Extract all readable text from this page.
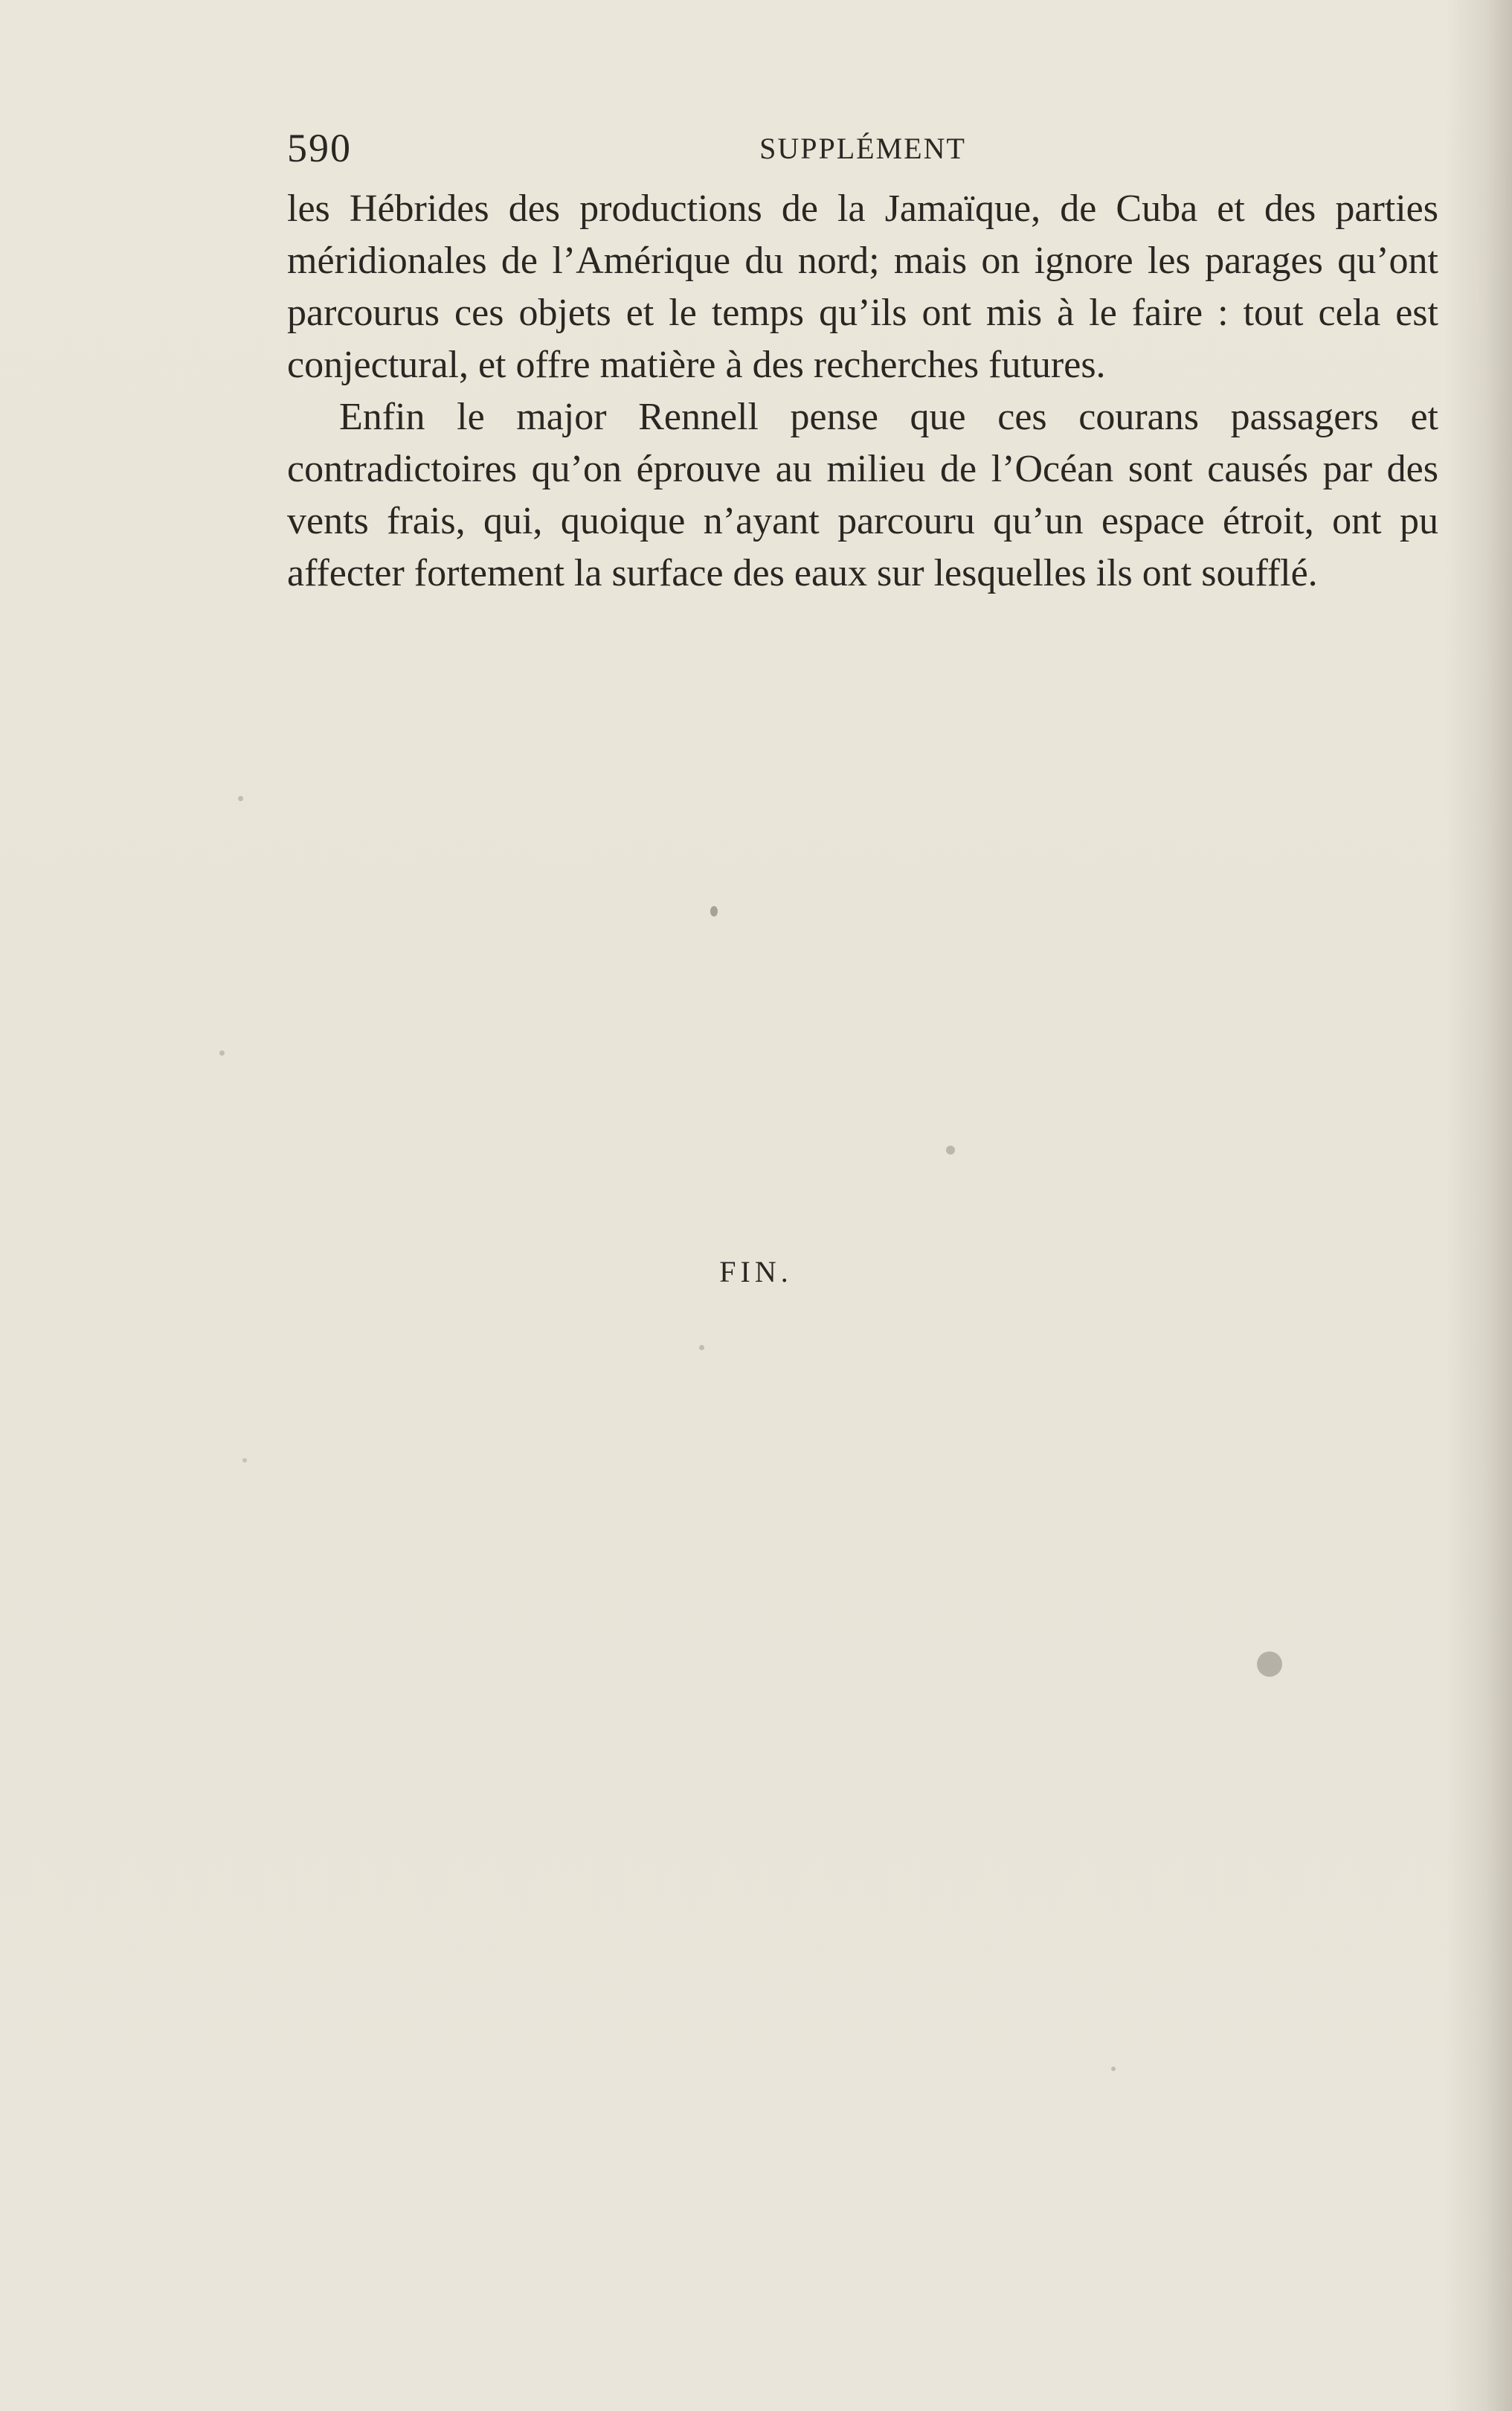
590	SUPPLÉMENT

les Hébrides des productions de la Jamaïque, de Cuba et des parties méridionales de l’Amérique du nord; mais on ignore les parages qu’ont parcourus ces objets et le temps qu’ils ont mis à le faire : tout cela est conjectural, et offre matière à des recherches futures.

Enfin le major Rennell pense que ces courans passagers et contradictoires qu’on éprouve au milieu de l’Océan sont causés par des vents frais, qui, quoique n’ayant parcouru qu’un espace étroit, ont pu affecter fortement la surface des eaux sur lesquelles ils ont soufflé.

FIN.
